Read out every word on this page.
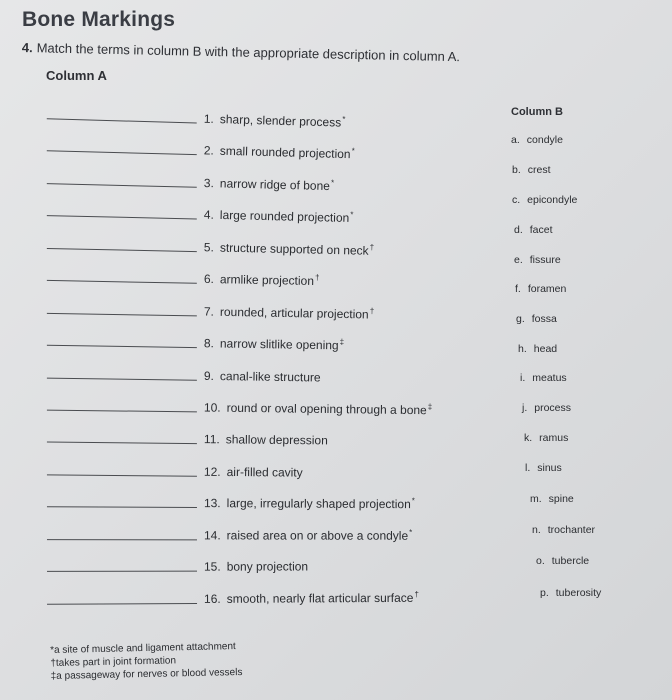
Bone Markings
4. Match the terms in column B with the appropriate description in column A.
Column A
Column B
1. sharp, slender process*
2. small rounded projection*
3. narrow ridge of bone*
4. large rounded projection*
5. structure supported on neck†
6. armlike projection†
7. rounded, articular projection†
8. narrow slitlike opening‡
9. canal-like structure
10. round or oval opening through a bone‡
11. shallow depression
12. air-filled cavity
13. large, irregularly shaped projection*
14. raised area on or above a condyle*
15. bony projection
16. smooth, nearly flat articular surface†
a. condyle
b. crest
c. epicondyle
d. facet
e. fissure
f. foramen
g. fossa
h. head
i. meatus
j. process
k. ramus
l. sinus
m. spine
n. trochanter
o. tubercle
p. tuberosity
*a site of muscle and ligament attachment
†takes part in joint formation
‡a passageway for nerves or blood vessels
